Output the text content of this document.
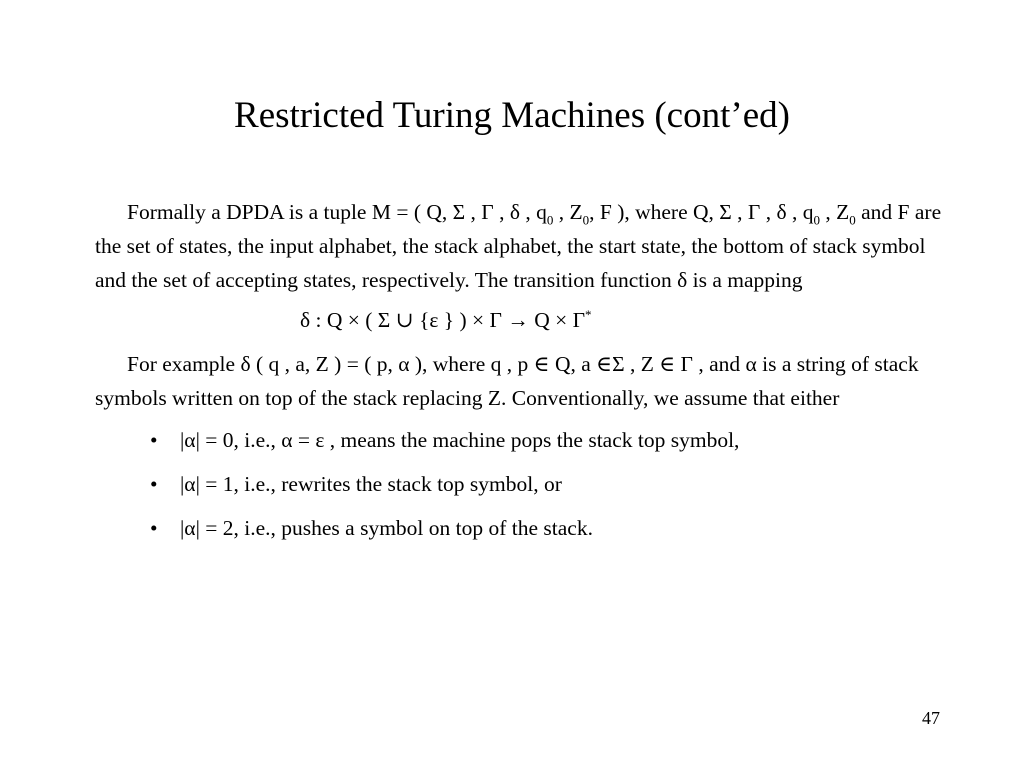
Restricted Turing Machines (cont’ed)

Formally a DPDA is a tuple M = ( Q, Σ , Γ , δ , $q_0$ , $Z_0$, F ), where Q, Σ , Γ , δ , $q_0$ , $Z_0$ and F are the set of states, the input alphabet, the stack alphabet, the start state, the bottom of stack symbol and the set of accepting states, respectively. The transition function δ is a mapping

δ : Q × ( Σ ∪ {ε } ) × Γ → Q × Γ*

For example δ ( q , a, Z ) = ( p, α ), where q , p ∈ Q, a ∈Σ , Z ∈ Γ , and α is a string of stack symbols written on top of the stack replacing Z. Conventionally, we assume that either

• |α| = 0, i.e., α = ε , means the machine pops the stack top symbol,
• |α| = 1, i.e., rewrites the stack top symbol, or
• |α| = 2, i.e., pushes a symbol on top of the stack.
47
